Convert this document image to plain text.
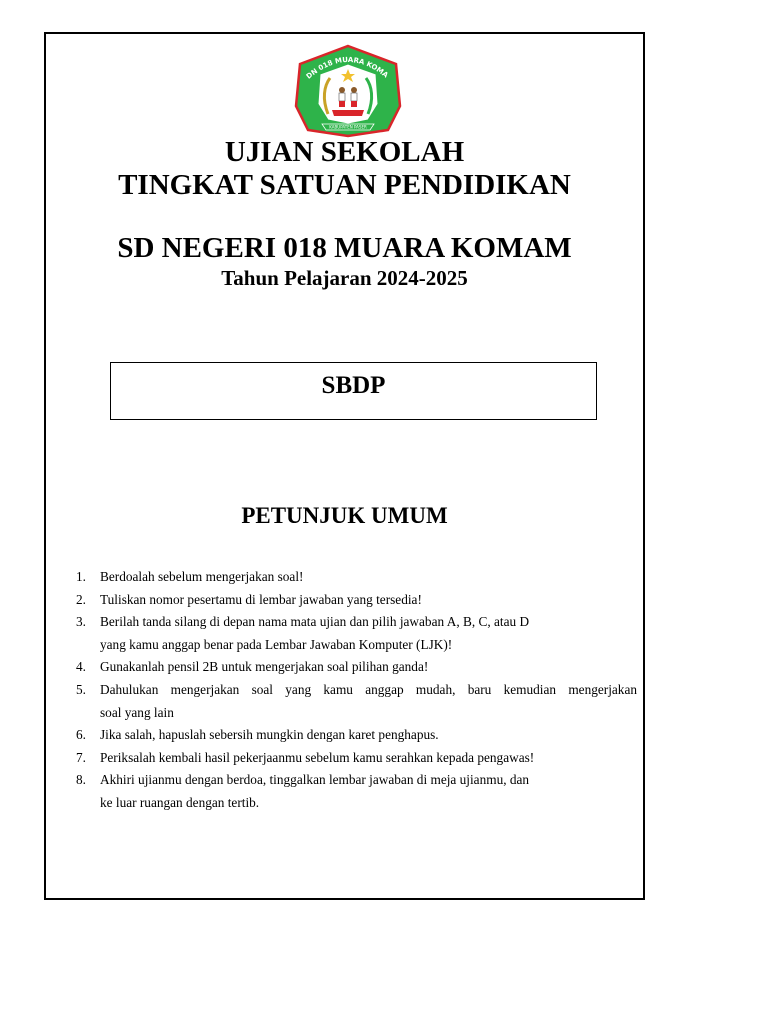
DN 018 MUARA KOMA
KABUPATEN PASER
UJIAN SEKOLAH
TINGKAT SATUAN PENDIDIKAN
SD NEGERI 018 MUARA KOMAM
Tahun Pelajaran 2024-2025
SBDP
PETUNJUK UMUM
1. Berdoalah sebelum mengerjakan soal!
2. Tuliskan nomor pesertamu di lembar jawaban yang tersedia!
3. Berilah tanda silang di depan nama mata ujian dan pilih jawaban A, B, C, atau D
yang kamu anggap benar pada Lembar Jawaban Komputer (LJK)!
4. Gunakanlah pensil 2B untuk mengerjakan soal pilihan ganda!
5. Dahulukan mengerjakan soal yang kamu anggap mudah, baru kemudian mengerjakan
soal yang lain
6. Jika salah, hapuslah sebersih mungkin dengan karet penghapus.
7. Periksalah kembali hasil pekerjaanmu sebelum kamu serahkan kepada pengawas!
8. Akhiri ujianmu dengan berdoa, tinggalkan lembar jawaban di meja ujianmu, dan
ke luar ruangan dengan tertib.
